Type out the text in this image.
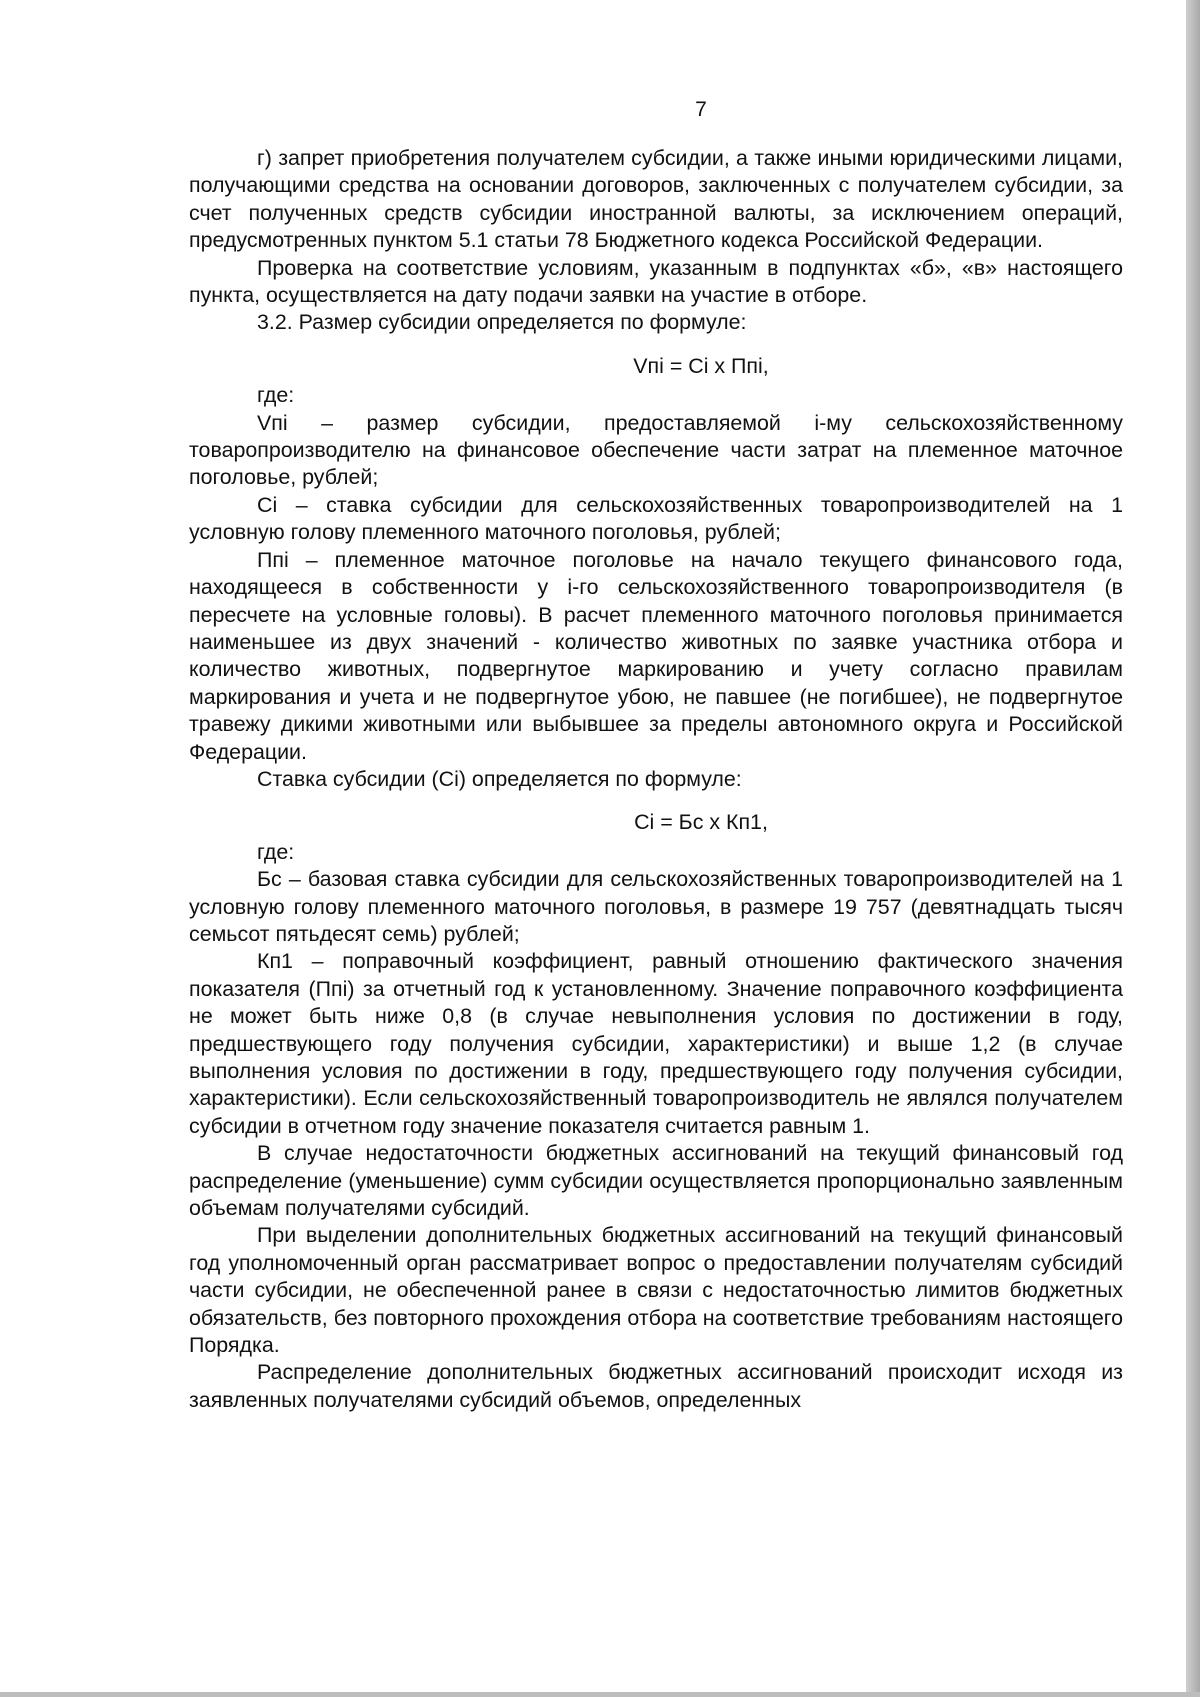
7

г) запрет приобретения получателем субсидии, а также иными юридическими лицами, получающими средства на основании договоров, заключенных с получателем субсидии, за счет полученных средств субсидии иностранной валюты, за исключением операций, предусмотренных пунктом 5.1 статьи 78 Бюджетного кодекса Российской Федерации.

Проверка на соответствие условиям, указанным в подпунктах «б», «в» настоящего пункта, осуществляется на дату подачи заявки на участие в отборе.

3.2. Размер субсидии определяется по формуле:

Vпi = Ci x Ппi,

где:

Vпi – размер субсидии, предоставляемой i-му сельскохозяйственному товаропроизводителю на финансовое обеспечение части затрат на племенное маточное поголовье, рублей;

Ci – ставка субсидии для сельскохозяйственных товаропроизводителей на 1 условную голову племенного маточного поголовья, рублей;

Ппi – племенное маточное поголовье на начало текущего финансового года, находящееся в собственности у i-го сельскохозяйственного товаропроизводителя (в пересчете на условные головы). В расчет племенного маточного поголовья принимается наименьшее из двух значений - количество животных по заявке участника отбора и количество животных, подвергнутое маркированию и учету согласно правилам маркирования и учета и не подвергнутое убою, не павшее (не погибшее), не подвергнутое травежу дикими животными или выбывшее за пределы автономного округа и Российской Федерации.

Ставка субсидии (Ci) определяется по формуле:

Ci = Бс x Кп1,

где:

Бс – базовая ставка субсидии для сельскохозяйственных товаропроизводителей на 1 условную голову племенного маточного поголовья, в размере 19 757 (девятнадцать тысяч семьсот пятьдесят семь) рублей;

Кп1 – поправочный коэффициент, равный отношению фактического значения показателя (Ппi) за отчетный год к установленному. Значение поправочного коэффициента не может быть ниже 0,8 (в случае невыполнения условия по достижении в году, предшествующего году получения субсидии, характеристики) и выше 1,2 (в случае выполнения условия по достижении в году, предшествующего году получения субсидии, характеристики). Если сельскохозяйственный товаропроизводитель не являлся получателем субсидии в отчетном году значение показателя считается равным 1.

В случае недостаточности бюджетных ассигнований на текущий финансовый год распределение (уменьшение) сумм субсидии осуществляется пропорционально заявленным объемам получателями субсидий.

При выделении дополнительных бюджетных ассигнований на текущий финансовый год уполномоченный орган рассматривает вопрос о предоставлении получателям субсидий части субсидии, не обеспеченной ранее в связи с недостаточностью лимитов бюджетных обязательств, без повторного прохождения отбора на соответствие требованиям настоящего Порядка.

Распределение дополнительных бюджетных ассигнований происходит исходя из заявленных получателями субсидий объемов, определенных
